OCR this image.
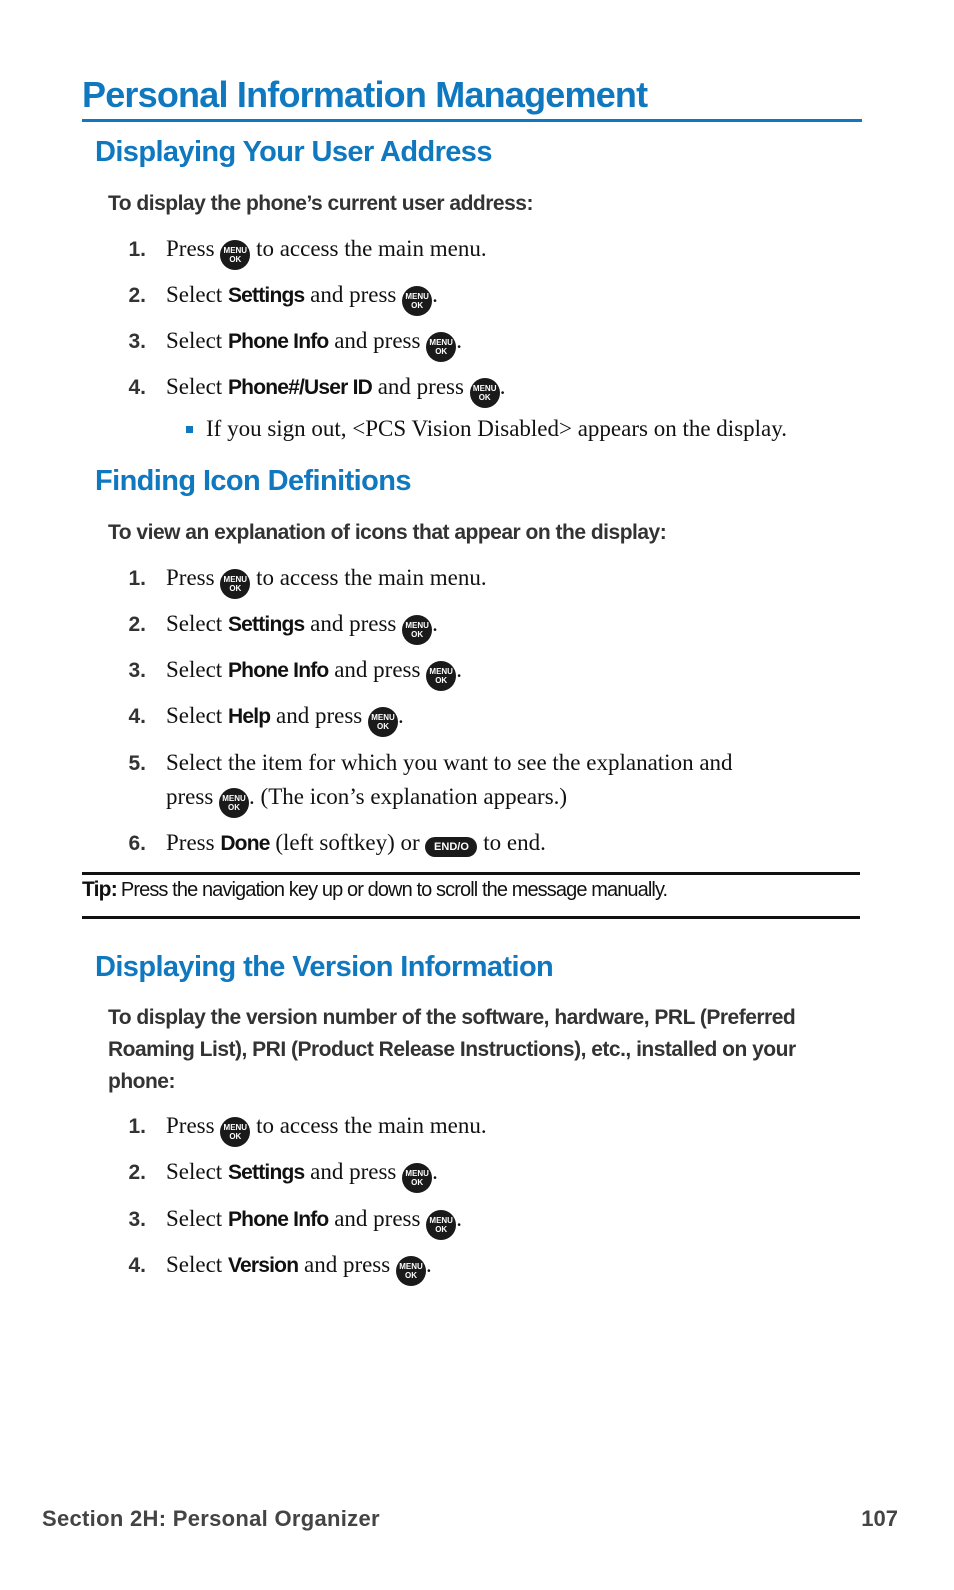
Personal Information Management
Displaying Your User Address
To display the phone’s current user address:
1. Press MENU
OK to access the main menu.
2. Select Settings and press MENU
OK .
3. Select Phone Info and press MENU
OK .
4. Select Phone#/User ID and press MENU
OK .
If you sign out, <PCS Vision Disabled> appears on the display.
Finding Icon Definitions
To view an explanation of icons that appear on the display:
1. Press MENU
OK to access the main menu.
2. Select Settings and press MENU
OK .
3. Select Phone Info and press MENU
OK .
4. Select Help and press MENU
OK .
5. Select the item for which you want to see the explanation and
press MENU
OK . (The icon’s explanation appears.)
6. Press Done (left softkey) or END/O to end.
Tip: Press the navigation key up or down to scroll the message manually.
Displaying the Version Information
To display the version number of the software, hardware, PRL (Preferred Roaming List), PRI (Product Release Instructions), etc., installed on your phone:
1. Press MENU
OK to access the main menu.
2. Select Settings and press MENU
OK .
3. Select Phone Info and press MENU
OK .
4. Select Version and press MENU
OK .
Section 2H: Personal Organizer	107
